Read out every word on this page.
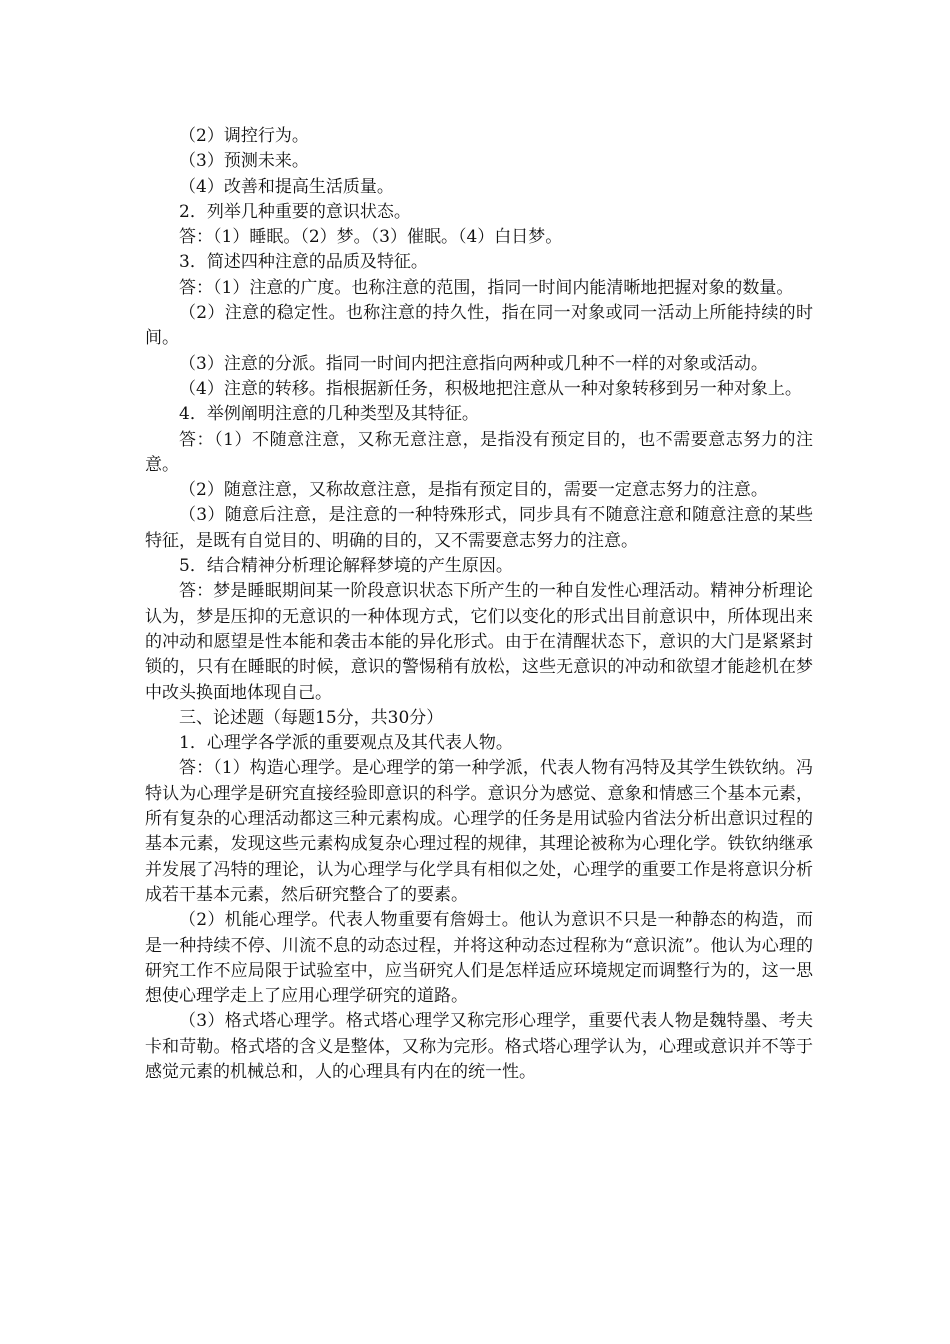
（2）调控行为。

（3）预测未来。

（4）改善和提高生活质量。

2．列举几种重要的意识状态。

答：（1）睡眠。（2）梦。（3）催眠。（4）白日梦。

3．简述四种注意的品质及特征。

答：（1）注意的广度。也称注意的范围，指同一时间内能清晰地把握对象的数量。

（2）注意的稳定性。也称注意的持久性，指在同一对象或同一活动上所能持续的时间。

（3）注意的分派。指同一时间内把注意指向两种或几种不一样的对象或活动。

（4）注意的转移。指根据新任务，积极地把注意从一种对象转移到另一种对象上。

4．举例阐明注意的几种类型及其特征。

答：（1）不随意注意，又称无意注意，是指没有预定目的，也不需要意志努力的注意。

（2）随意注意，又称故意注意，是指有预定目的，需要一定意志努力的注意。

（3）随意后注意，是注意的一种特殊形式，同步具有不随意注意和随意注意的某些特征，是既有自觉目的、明确的目的，又不需要意志努力的注意。

5．结合精神分析理论解释梦境的产生原因。

答：梦是睡眠期间某一阶段意识状态下所产生的一种自发性心理活动。精神分析理论认为，梦是压抑的无意识的一种体现方式，它们以变化的形式出目前意识中，所体现出来的冲动和愿望是性本能和袭击本能的异化形式。由于在清醒状态下，意识的大门是紧紧封锁的，只有在睡眠的时候，意识的警惕稍有放松，这些无意识的冲动和欲望才能趁机在梦中改头换面地体现自己。

三、论述题（每题15分，共30分）

1．心理学各学派的重要观点及其代表人物。

答：（1）构造心理学。是心理学的第一种学派，代表人物有冯特及其学生铁钦纳。冯特认为心理学是研究直接经验即意识的科学。意识分为感觉、意象和情感三个基本元素，所有复杂的心理活动都这三种元素构成。心理学的任务是用试验内省法分析出意识过程的基本元素，发现这些元素构成复杂心理过程的规律，其理论被称为心理化学。铁钦纳继承并发展了冯特的理论，认为心理学与化学具有相似之处，心理学的重要工作是将意识分析成若干基本元素，然后研究整合了的要素。

（2）机能心理学。代表人物重要有詹姆士。他认为意识不只是一种静态的构造，而是一种持续不停、川流不息的动态过程，并将这种动态过程称为“意识流”。他认为心理的研究工作不应局限于试验室中，应当研究人们是怎样适应环境规定而调整行为的，这一思想使心理学走上了应用心理学研究的道路。

（3）格式塔心理学。格式塔心理学又称完形心理学，重要代表人物是魏特墨、考夫卡和苛勒。格式塔的含义是整体，又称为完形。格式塔心理学认为，心理或意识并不等于感觉元素的机械总和，人的心理具有内在的统一性。
